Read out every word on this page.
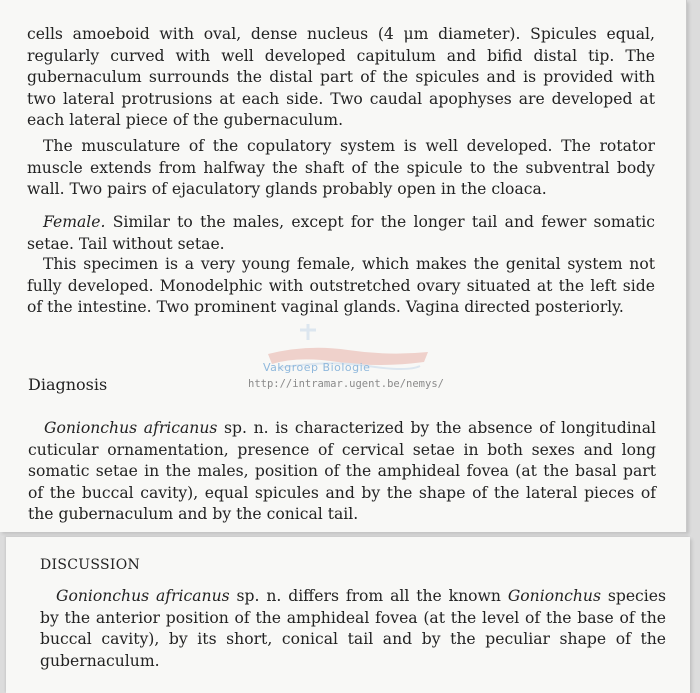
cells amoeboid with oval, dense nucleus (4 μm diameter). Spicules equal, regularly curved with well developed capitulum and bifid distal tip. The gubernaculum surrounds the distal part of the spicules and is provided with two lateral protrusions at each side. Two caudal apophyses are developed at each lateral piece of the gubernaculum.

The musculature of the copulatory system is well developed. The rotator muscle extends from halfway the shaft of the spicule to the subventral body wall. Two pairs of ejaculatory glands probably open in the cloaca.

Female. Similar to the males, except for the longer tail and fewer somatic setae. Tail without setae.

This specimen is a very young female, which makes the genital system not fully developed. Monodelphic with outstretched ovary situated at the left side of the intestine. Two prominent vaginal glands. Vagina directed posteriorly.

Vakgroep Biologie
http://intramar.ugent.be/nemys/
Diagnosis

Gonionchus africanus sp. n. is characterized by the absence of longitudinal cuticular ornamentation, presence of cervical setae in both sexes and long somatic setae in the males, position of the amphideal fovea (at the basal part of the buccal cavity), equal spicules and by the shape of the lateral pieces of the gubernaculum and by the conical tail.

DISCUSSION

Gonionchus africanus sp. n. differs from all the known Gonionchus species by the anterior position of the amphideal fovea (at the level of the base of the buccal cavity), by its short, conical tail and by the peculiar shape of the gubernaculum.
